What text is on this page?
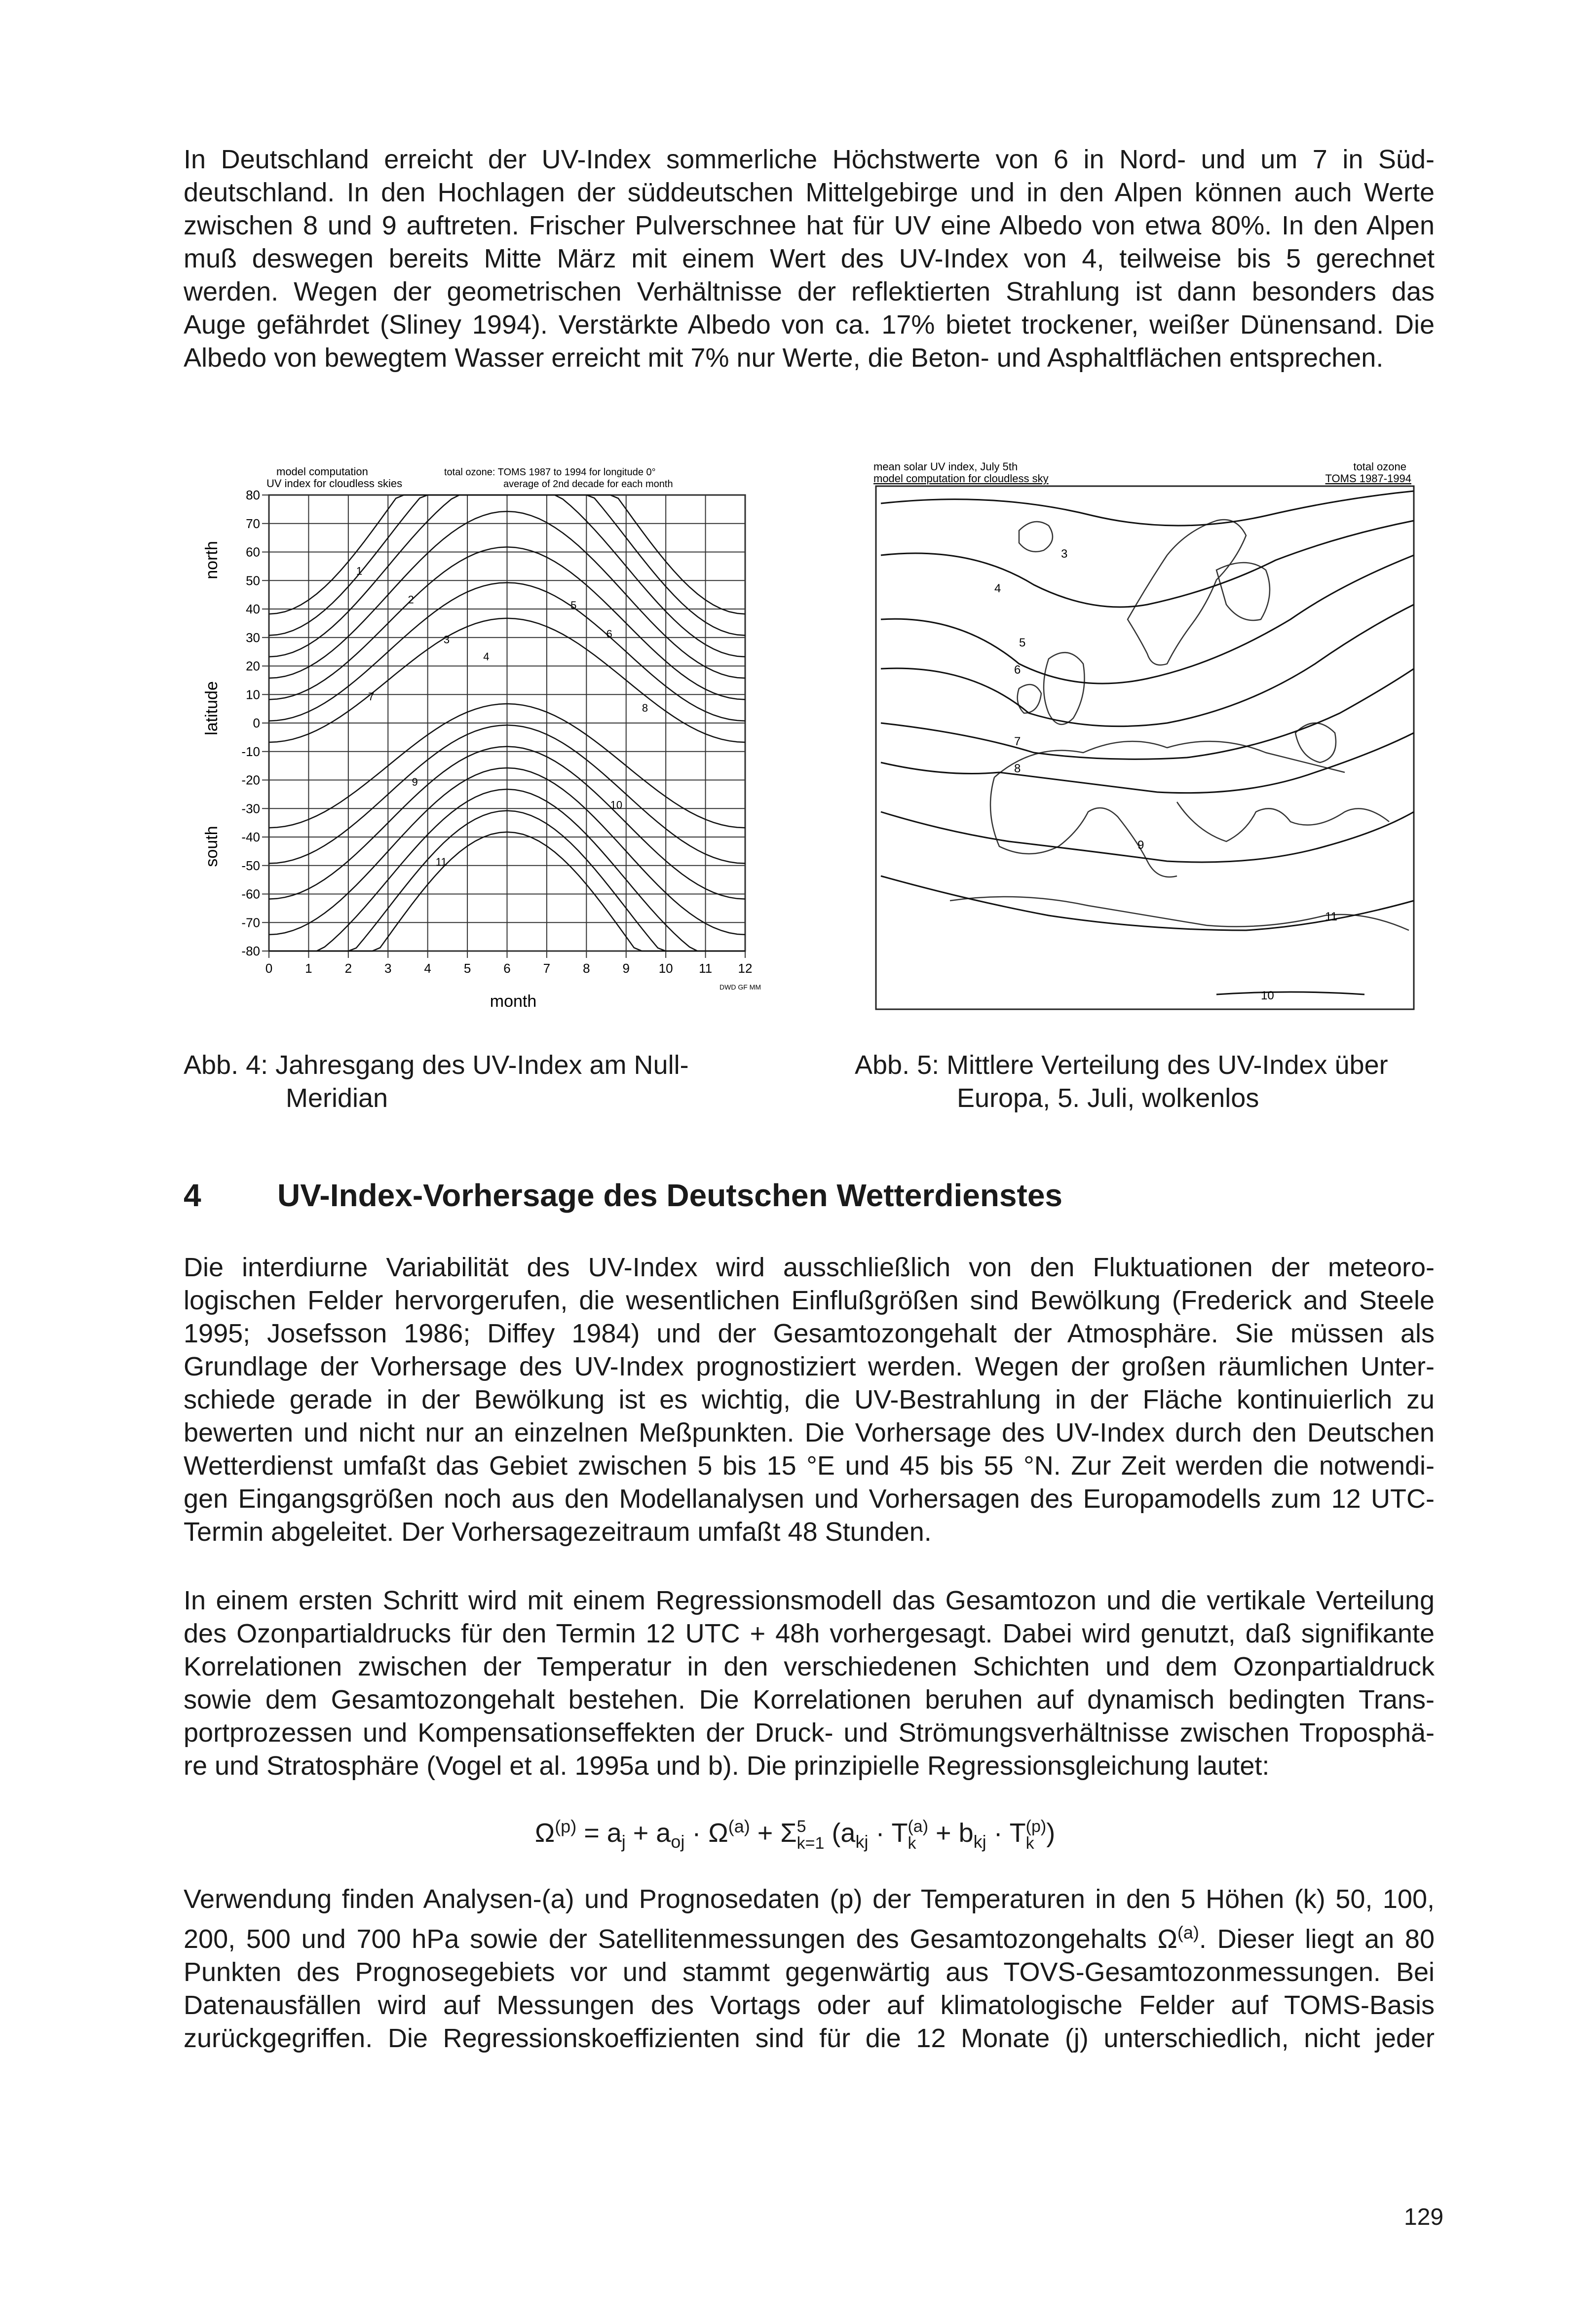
In Deutschland erreicht der UV-Index sommerliche Höchstwerte von 6 in Nord- und um 7 in Süd-
deutschland. In den Hochlagen der süddeutschen Mittelgebirge und in den Alpen können auch Werte
zwischen 8 und 9 auftreten. Frischer Pulverschnee hat für UV eine Albedo von etwa 80%. In den Alpen
muß deswegen bereits Mitte März mit einem Wert des UV-Index von 4, teilweise bis 5 gerechnet
werden. Wegen der geometrischen Verhältnisse der reflektierten Strahlung ist dann besonders das
Auge gefährdet (Sliney 1994). Verstärkte Albedo von ca. 17% bietet trockener, weißer Dünensand. Die
Albedo von bewegtem Wasser erreicht mit 7% nur Werte, die Beton- und Asphaltflächen entsprechen.
model computation
UV index for cloudless skies
total ozone: TOMS 1987 to 1994 for longitude 0°
average of 2nd decade for each month
80
70
60
50
40
30
20
10
0
-10
-20
-30
-40
-50
-60
-70
-80
0	1	2	3	4	5	6	7	8	9 10 11 12
1
2
3
4
5
6
7
8
9
10
11
north
latitude
south
month
DWD GF MM
mean solar UV index, July 5th
model computation for cloudless sky
total ozone
TOMS 1987-1994
3
4
5
6
7
8
9
10
11
Abb. 4: Jahresgang des UV-Index am Null-
Meridian
Abb. 5: Mittlere Verteilung des UV-Index über
Europa, 5. Juli, wolkenlos
4 UV-Index-Vorhersage des Deutschen Wetterdienstes
Die interdiurne Variabilität des UV-Index wird ausschließlich von den Fluktuationen der meteoro-
logischen Felder hervorgerufen, die wesentlichen Einflußgrößen sind Bewölkung (Frederick and Steele
1995; Josefsson 1986; Diffey 1984) und der Gesamtozongehalt der Atmosphäre. Sie müssen als
Grundlage der Vorhersage des UV-Index prognostiziert werden. Wegen der großen räumlichen Unter-
schiede gerade in der Bewölkung ist es wichtig, die UV-Bestrahlung in der Fläche kontinuierlich zu
bewerten und nicht nur an einzelnen Meßpunkten. Die Vorhersage des UV-Index durch den Deutschen
Wetterdienst umfaßt das Gebiet zwischen 5 bis 15 °E und 45 bis 55 °N. Zur Zeit werden die notwendi-
gen Eingangsgrößen noch aus den Modellanalysen und Vorhersagen des Europamodells zum 12 UTC-
Termin abgeleitet. Der Vorhersagezeitraum umfaßt 48 Stunden.
In einem ersten Schritt wird mit einem Regressionsmodell das Gesamtozon und die vertikale Verteilung
des Ozonpartialdrucks für den Termin 12 UTC + 48h vorhergesagt. Dabei wird genutzt, daß signifikante
Korrelationen zwischen der Temperatur in den verschiedenen Schichten und dem Ozonpartialdruck
sowie dem Gesamtozongehalt bestehen. Die Korrelationen beruhen auf dynamisch bedingten Trans-
portprozessen und Kompensationseffekten der Druck- und Strömungsverhältnisse zwischen Troposphä-
re und Stratosphäre (Vogel et al. 1995a und b). Die prinzipielle Regressionsgleichung lautet:
$\Omega^{(p)} = a_j + a_{oj} \cdot \Omega^{(a)} + \Sigma 5$
k=1 ($a_{kj} \cdot T(a)$
$k + b_{kj} \cdot T(p)$
k )
Verwendung finden Analysen-(a) und Prognosedaten (p) der Temperaturen in den 5 Höhen (k) 50, 100,
200, 500 und 700 hPa sowie der Satellitenmessungen des Gesamtozongehalts $\Omega^{(a)}$. Dieser liegt an 80
Punkten des Prognosegebiets vor und stammt gegenwärtig aus TOVS-Gesamtozonmessungen. Bei
Datenausfällen wird auf Messungen des Vortags oder auf klimatologische Felder auf TOMS-Basis
zurückgegriffen. Die Regressionskoeffizienten sind für die 12 Monate (j) unterschiedlich, nicht jeder
129
